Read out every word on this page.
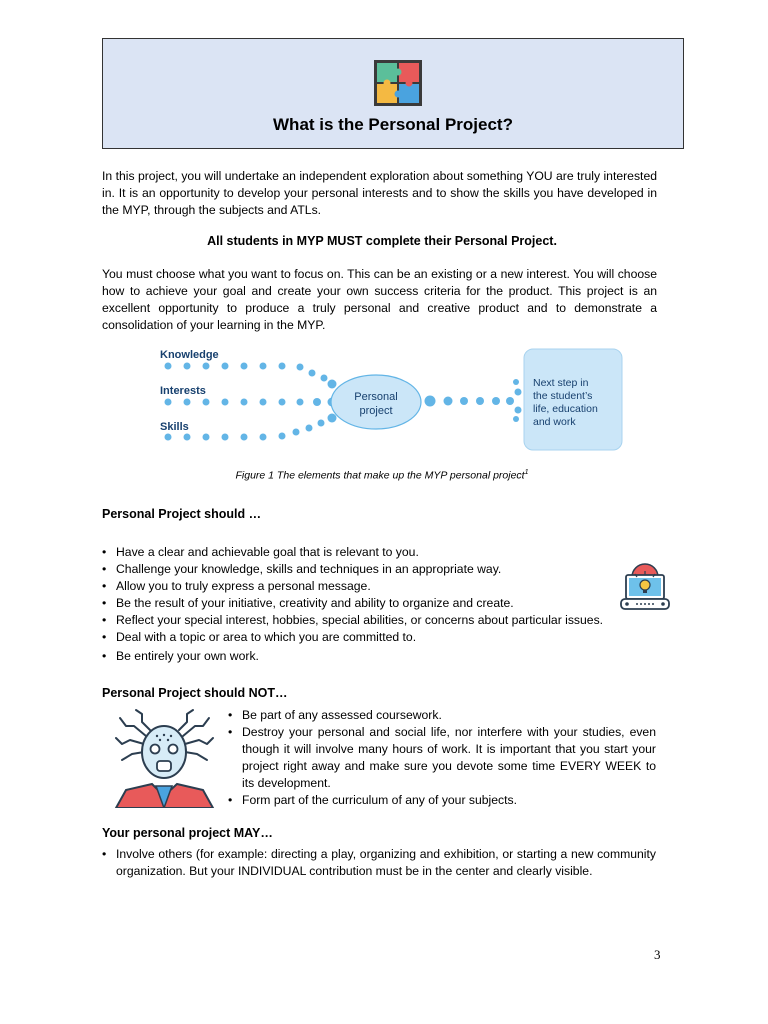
What is the Personal Project?

In this project, you will undertake an independent exploration about something YOU are truly interested in. It is an opportunity to develop your personal interests and to show the skills you have developed in the MYP, through the subjects and ATLs.

All students in MYP MUST complete their Personal Project.

You must choose what you want to focus on. This can be an existing or a new interest. You will choose how to achieve your goal and create your own success criteria for the product. This project is an excellent opportunity to produce a truly personal and creative product and to demonstrate a consolidation of your learning in the MYP.

Knowledge
Interests
Skills
Personal
project
Next step in
the student’s
life, education
and work

Figure 1 The elements that make up the MYP personal project$^1$

Personal Project should …

• Have a clear and achievable goal that is relevant to you.
• Challenge your knowledge, skills and techniques in an appropriate way.
• Allow you to truly express a personal message.
• Be the result of your initiative, creativity and ability to organize and create.
• Reflect your special interest, hobbies, special abilities, or concerns about particular issues.
• Deal with a topic or area to which you are committed to.
• Be entirely your own work.

Personal Project should NOT…

• Be part of any assessed coursework.
• Destroy your personal and social life, nor interfere with your studies, even though it will involve many hours of work. It is important that you start your project right away and make sure you devote some time EVERY WEEK to its development.
• Form part of the curriculum of any of your subjects.

Your personal project MAY…

• Involve others (for example: directing a play, organizing and exhibition, or starting a new community organization. But your INDIVIDUAL contribution must be in the center and clearly visible.

3
